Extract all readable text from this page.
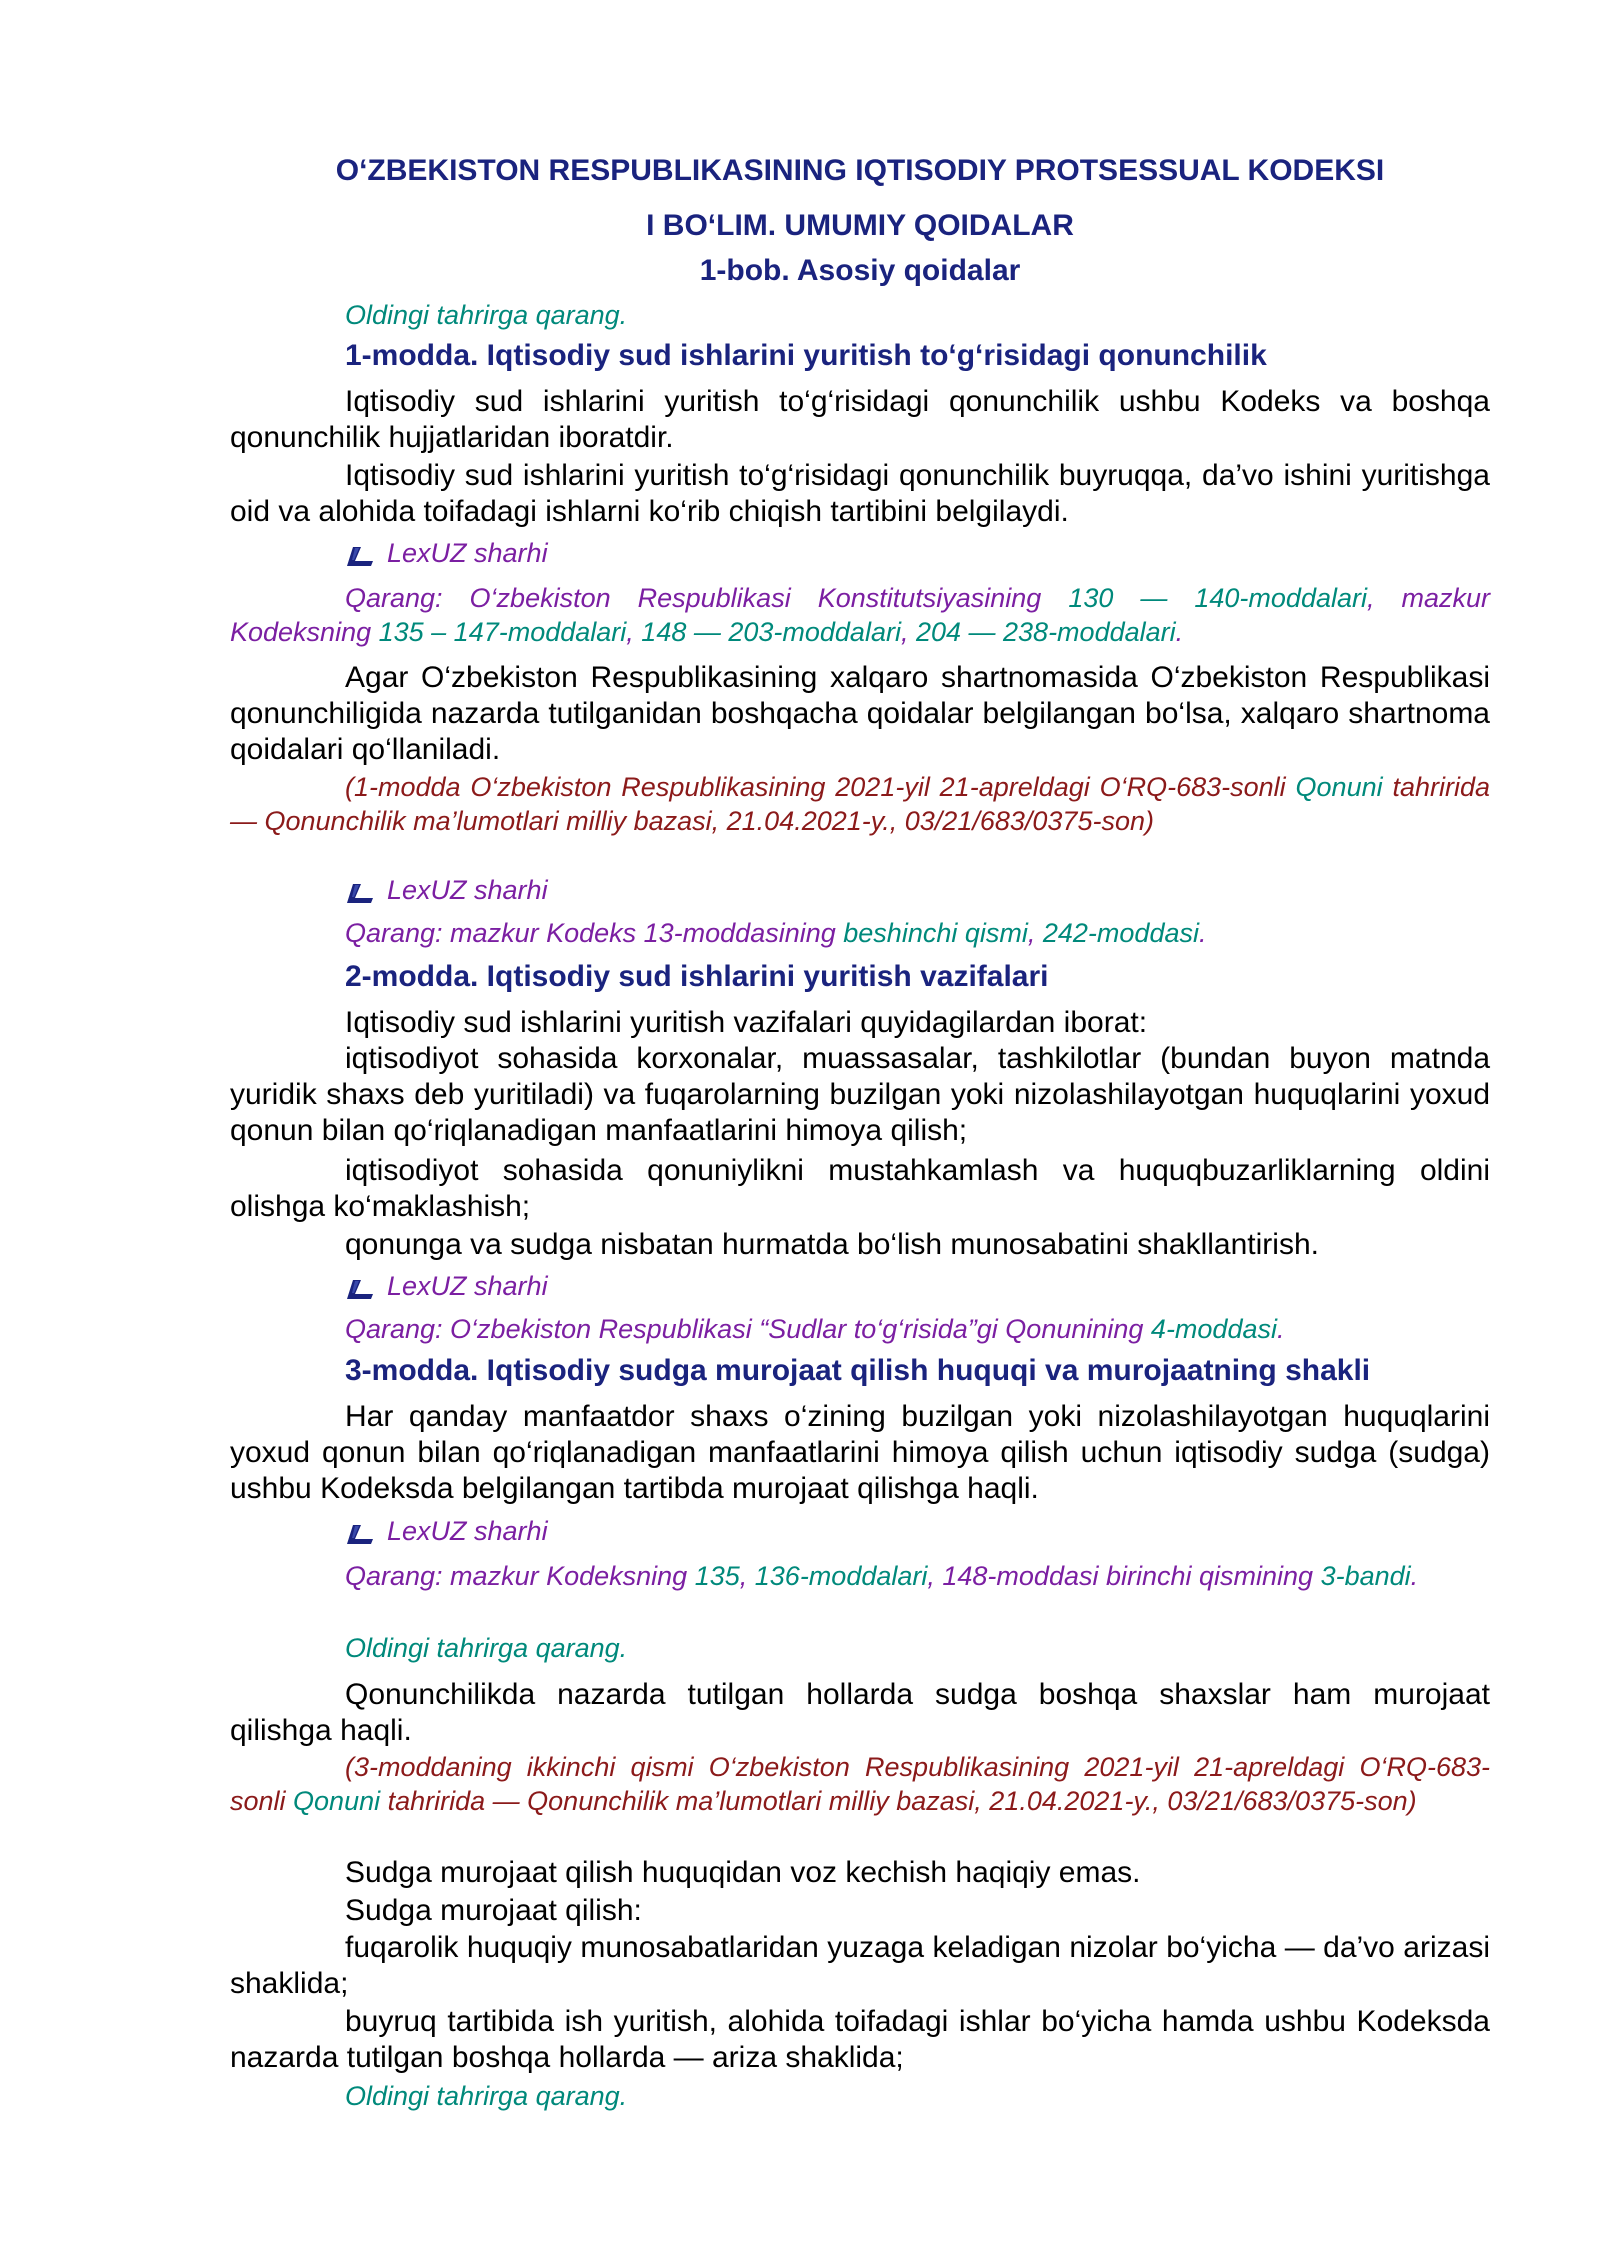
O‘ZBEKISTON RESPUBLIKASINING IQTISODIY PROTSESSUAL KODEKSI
I BO‘LIM. UMUMIY QOIDALAR
1-bob. Asosiy qoidalar

Oldingi tahrirga qarang.

1-modda. Iqtisodiy sud ishlarini yuritish to‘g‘risidagi qonunchilik

Iqtisodiy sud ishlarini yuritish to‘g‘risidagi qonunchilik ushbu Kodeks va boshqa qonunchilik hujjatlaridan iboratdir.

Iqtisodiy sud ishlarini yuritish to‘g‘risidagi qonunchilik buyruqqa, da’vo ishini yuritishga oid va alohida toifadagi ishlarni ko‘rib chiqish tartibini belgilaydi.

LexUZ sharhi

Qarang: O‘zbekiston Respublikasi Konstitutsiyasining 130 — 140-moddalari, mazkur Kodeksning 135 – 147-moddalari, 148 — 203-moddalari, 204 — 238-moddalari.

Agar O‘zbekiston Respublikasining xalqaro shartnomasida O‘zbekiston Respublikasi qonunchiligida nazarda tutilganidan boshqacha qoidalar belgilangan bo‘lsa, xalqaro shartnoma qoidalari qo‘llaniladi.

(1-modda O‘zbekiston Respublikasining 2021-yil 21-apreldagi O‘RQ-683-sonli Qonuni tahririda — Qonunchilik ma’lumotlari milliy bazasi, 21.04.2021-y., 03/21/683/0375-son)

LexUZ sharhi

Qarang: mazkur Kodeks 13-moddasining beshinchi qismi, 242-moddasi.

2-modda. Iqtisodiy sud ishlarini yuritish vazifalari

Iqtisodiy sud ishlarini yuritish vazifalari quyidagilardan iborat:

iqtisodiyot sohasida korxonalar, muassasalar, tashkilotlar (bundan buyon matnda yuridik shaxs deb yuritiladi) va fuqarolarning buzilgan yoki nizolashilayotgan huquqlarini yoxud qonun bilan qo‘riqlanadigan manfaatlarini himoya qilish;

iqtisodiyot sohasida qonuniylikni mustahkamlash va huquqbuzarliklarning oldini olishga ko‘maklashish;

qonunga va sudga nisbatan hurmatda bo‘lish munosabatini shakllantirish.

LexUZ sharhi

Qarang: O‘zbekiston Respublikasi “Sudlar to‘g‘risida”gi Qonunining 4-moddasi.

3-modda. Iqtisodiy sudga murojaat qilish huquqi va murojaatning shakli

Har qanday manfaatdor shaxs o‘zining buzilgan yoki nizolashilayotgan huquqlarini yoxud qonun bilan qo‘riqlanadigan manfaatlarini himoya qilish uchun iqtisodiy sudga (sudga) ushbu Kodeksda belgilangan tartibda murojaat qilishga haqli.

LexUZ sharhi

Qarang: mazkur Kodeksning 135, 136-moddalari, 148-moddasi birinchi qismining 3-bandi.

Oldingi tahrirga qarang.

Qonunchilikda nazarda tutilgan hollarda sudga boshqa shaxslar ham murojaat qilishga haqli.

(3-moddaning ikkinchi qismi O‘zbekiston Respublikasining 2021-yil 21-apreldagi O‘RQ-683-sonli Qonuni tahririda — Qonunchilik ma’lumotlari milliy bazasi, 21.04.2021-y., 03/21/683/0375-son)

Sudga murojaat qilish huquqidan voz kechish haqiqiy emas.

Sudga murojaat qilish:

fuqarolik huquqiy munosabatlaridan yuzaga keladigan nizolar bo‘yicha — da’vo arizasi shaklida;

buyruq tartibida ish yuritish, alohida toifadagi ishlar bo‘yicha hamda ushbu Kodeksda nazarda tutilgan boshqa hollarda — ariza shaklida;

Oldingi tahrirga qarang.
